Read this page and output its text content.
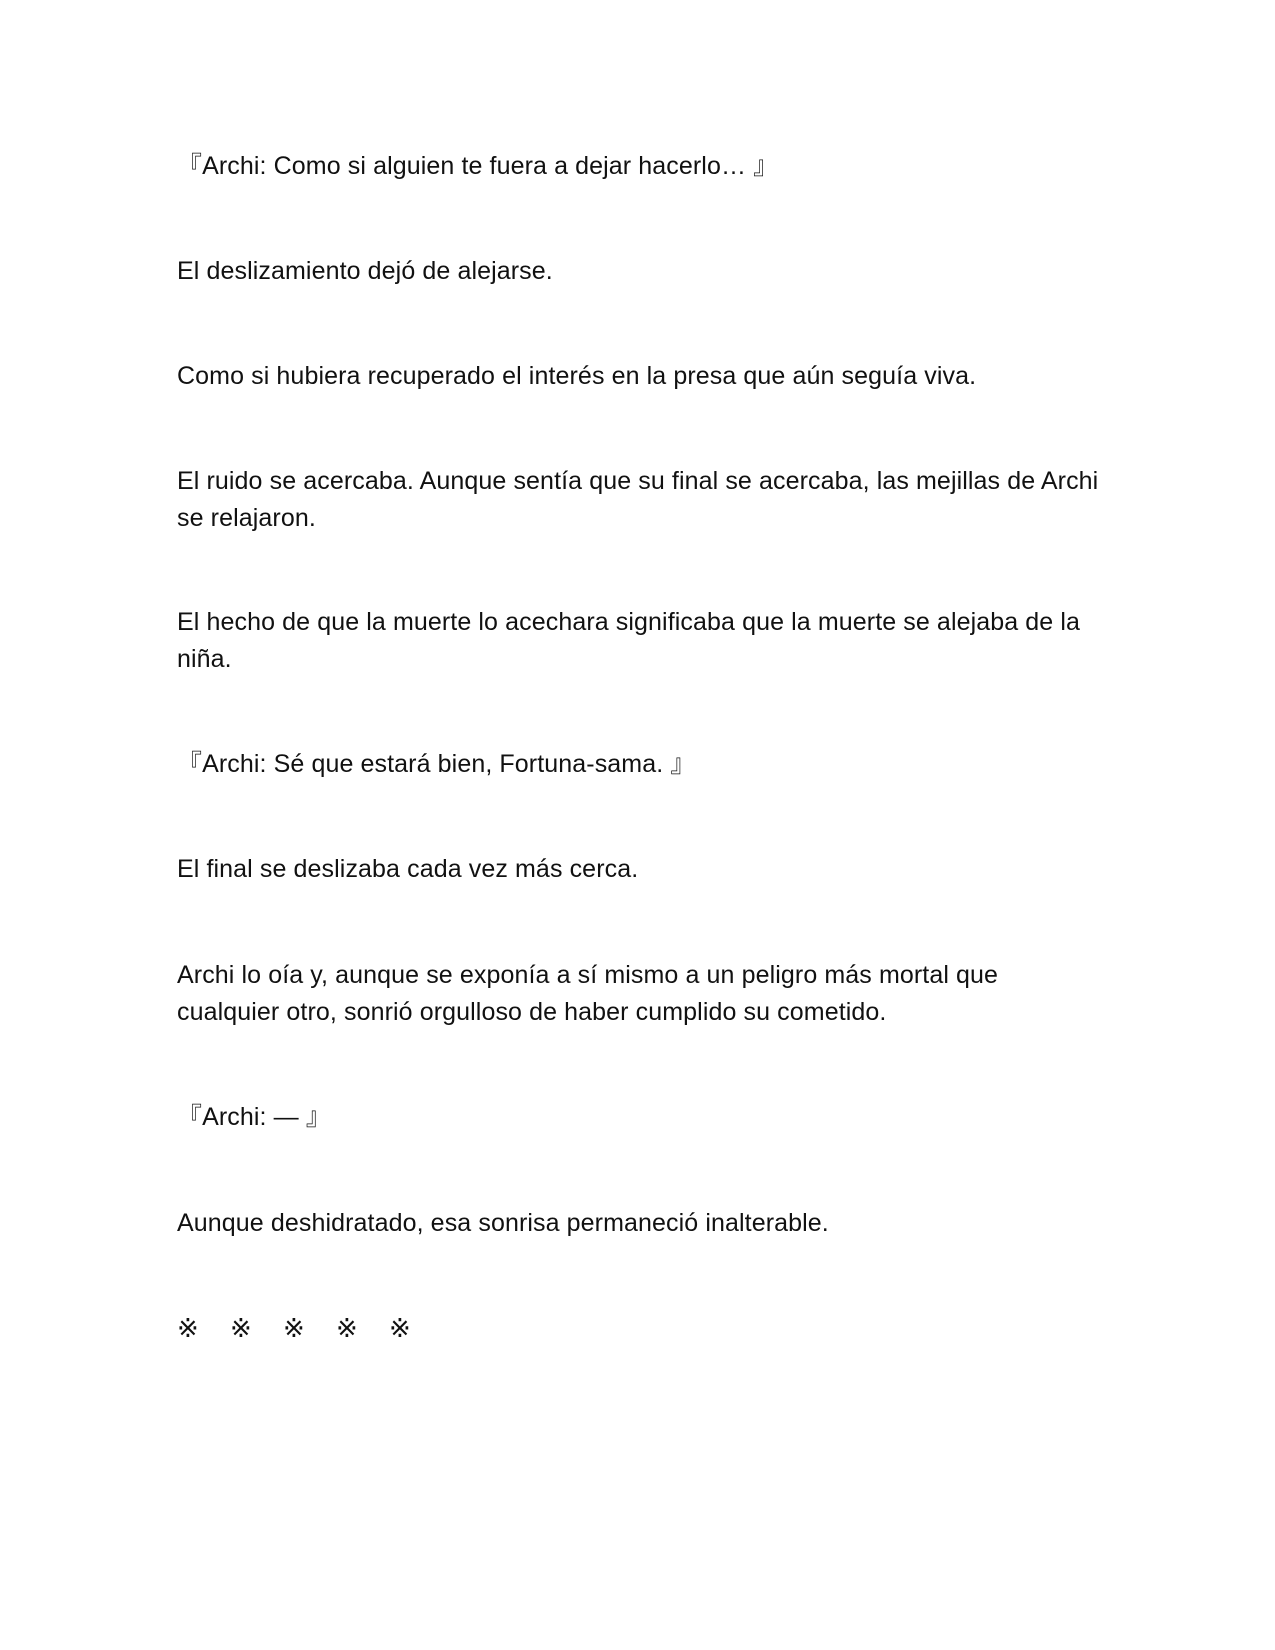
『Archi: Como si alguien te fuera a dejar hacerlo… 』

El deslizamiento dejó de alejarse.

Como si hubiera recuperado el interés en la presa que aún seguía viva.

El ruido se acercaba. Aunque sentía que su final se acercaba, las mejillas de Archi se relajaron.

El hecho de que la muerte lo acechara significaba que la muerte se alejaba de la niña.

『Archi: Sé que estará bien, Fortuna-sama. 』

El final se deslizaba cada vez más cerca.

Archi lo oía y, aunque se exponía a sí mismo a un peligro más mortal que cualquier otro, sonrió orgulloso de haber cumplido su cometido.

『Archi: — 』

Aunque deshidratado, esa sonrisa permaneció inalterable.

※ ※ ※ ※ ※
